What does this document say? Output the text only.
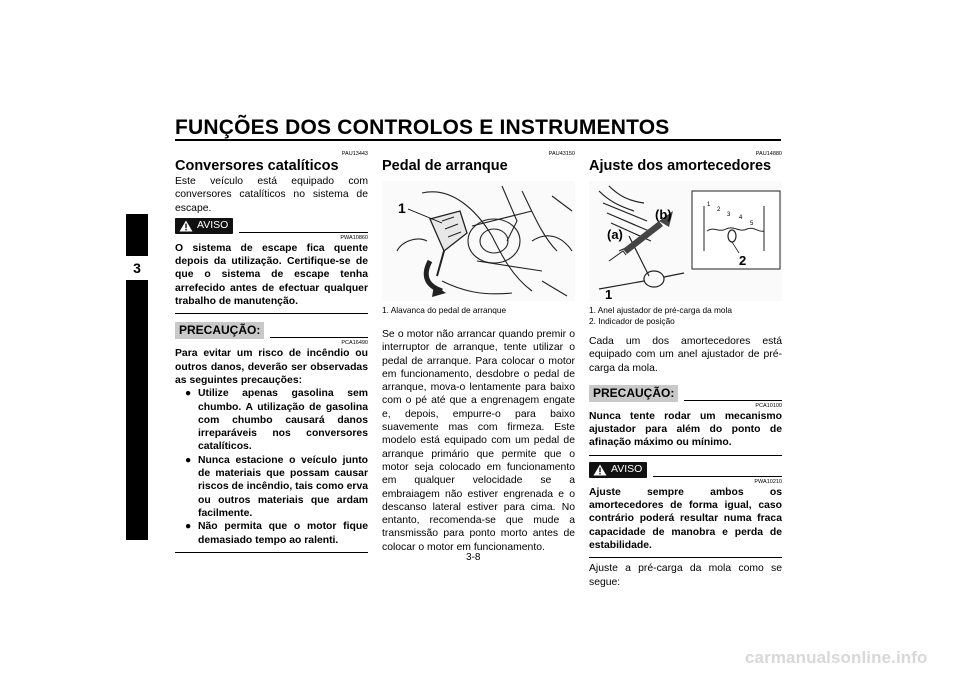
FUNÇÕES DOS CONTROLOS E INSTRUMENTOS
3
PAU13443
Conversores catalíticos

Este veículo está equipado com conversores catalíticos no sistema de escape.

AVISO
PWA10860

O sistema de escape fica quente depois da utilização. Certifique-se de que o sistema de escape tenha arrefecido antes de efectuar qualquer trabalho de manutenção.

PRECAUÇÃO:
PCA16490

Para evitar um risco de incêndio ou outros danos, deverão ser observadas as seguintes precauções:

● Utilize apenas gasolina sem chumbo. A utilização de gasolina com chumbo causará danos irreparáveis nos conversores catalíticos.
● Nunca estacione o veículo junto de materiais que possam causar riscos de incêndio, tais como erva ou outros materiais que ardam facilmente.
● Não permita que o motor fique demasiado tempo ao ralenti.
PAU43150
Pedal de arranque
1
1. Alavanca do pedal de arranque

Se o motor não arrancar quando premir o interruptor de arranque, tente utilizar o pedal de arranque. Para colocar o motor em funcionamento, desdobre o pedal de arranque, mova-o lentamente para baixo com o pé até que a engrenagem engate e, depois, empurre-o para baixo suavemente mas com firmeza. Este modelo está equipado com um pedal de arranque primário que permite que o motor seja colocado em funcionamento em qualquer velocidade se a embraiagem não estiver engrenada e o descanso lateral estiver para cima. No entanto, recomenda-se que mude a transmissão para ponto morto antes de colocar o motor em funcionamento.

PAU14880
Ajuste dos amortecedores
1
2
3 4
5
(a)
(b)
1
2
1. Anel ajustador de pré-carga da mola
2. Indicador de posição

Cada um dos amortecedores está equipado com um anel ajustador de pré-carga da mola.

PRECAUÇÃO:
PCA10100

Nunca tente rodar um mecanismo ajustador para além do ponto de afinação máximo ou mínimo.

AVISO
PWA10210

Ajuste sempre ambos os amortecedores de forma igual, caso contrário poderá resultar numa fraca capacidade de manobra e perda de estabilidade.

Ajuste a pré-carga da mola como se segue:

3-8
carmanualsonline.info
